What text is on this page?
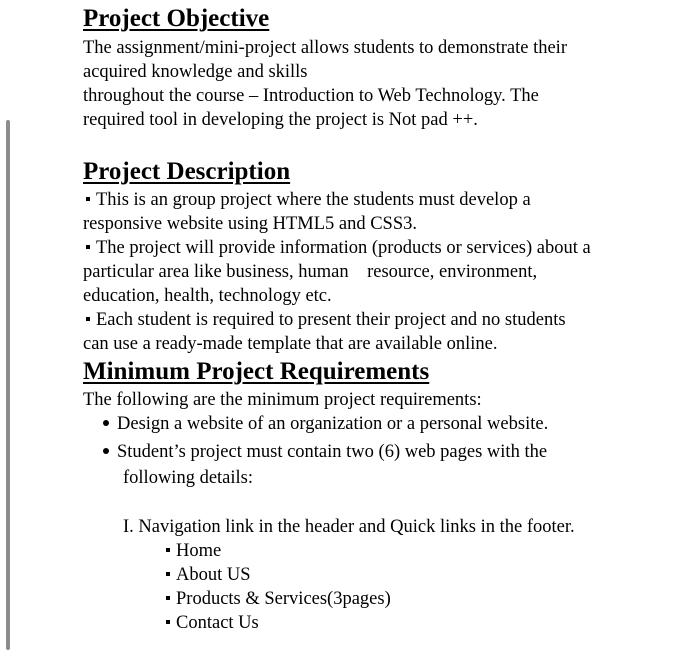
Project Objective

The assignment/mini-project allows students to demonstrate their

acquired knowledge and skills

throughout the course – Introduction to Web Technology. The

required tool in developing the project is Not pad ++.

Project Description

This is an group project where the students must develop a

responsive website using HTML5 and CSS3.

The project will provide information (products or services) about a

particular area like business, human    resource, environment,

education, health, technology etc.

Each student is required to present their project and no students

can use a ready-made template that are available online.

Minimum Project Requirements

The following are the minimum project requirements:

Design a website of an organization or a personal website.

Student’s project must contain two (6) web pages with the

following details:

I. Navigation link in the header and Quick links in the footer.

Home

About US

Products & Services(3pages)

Contact Us
